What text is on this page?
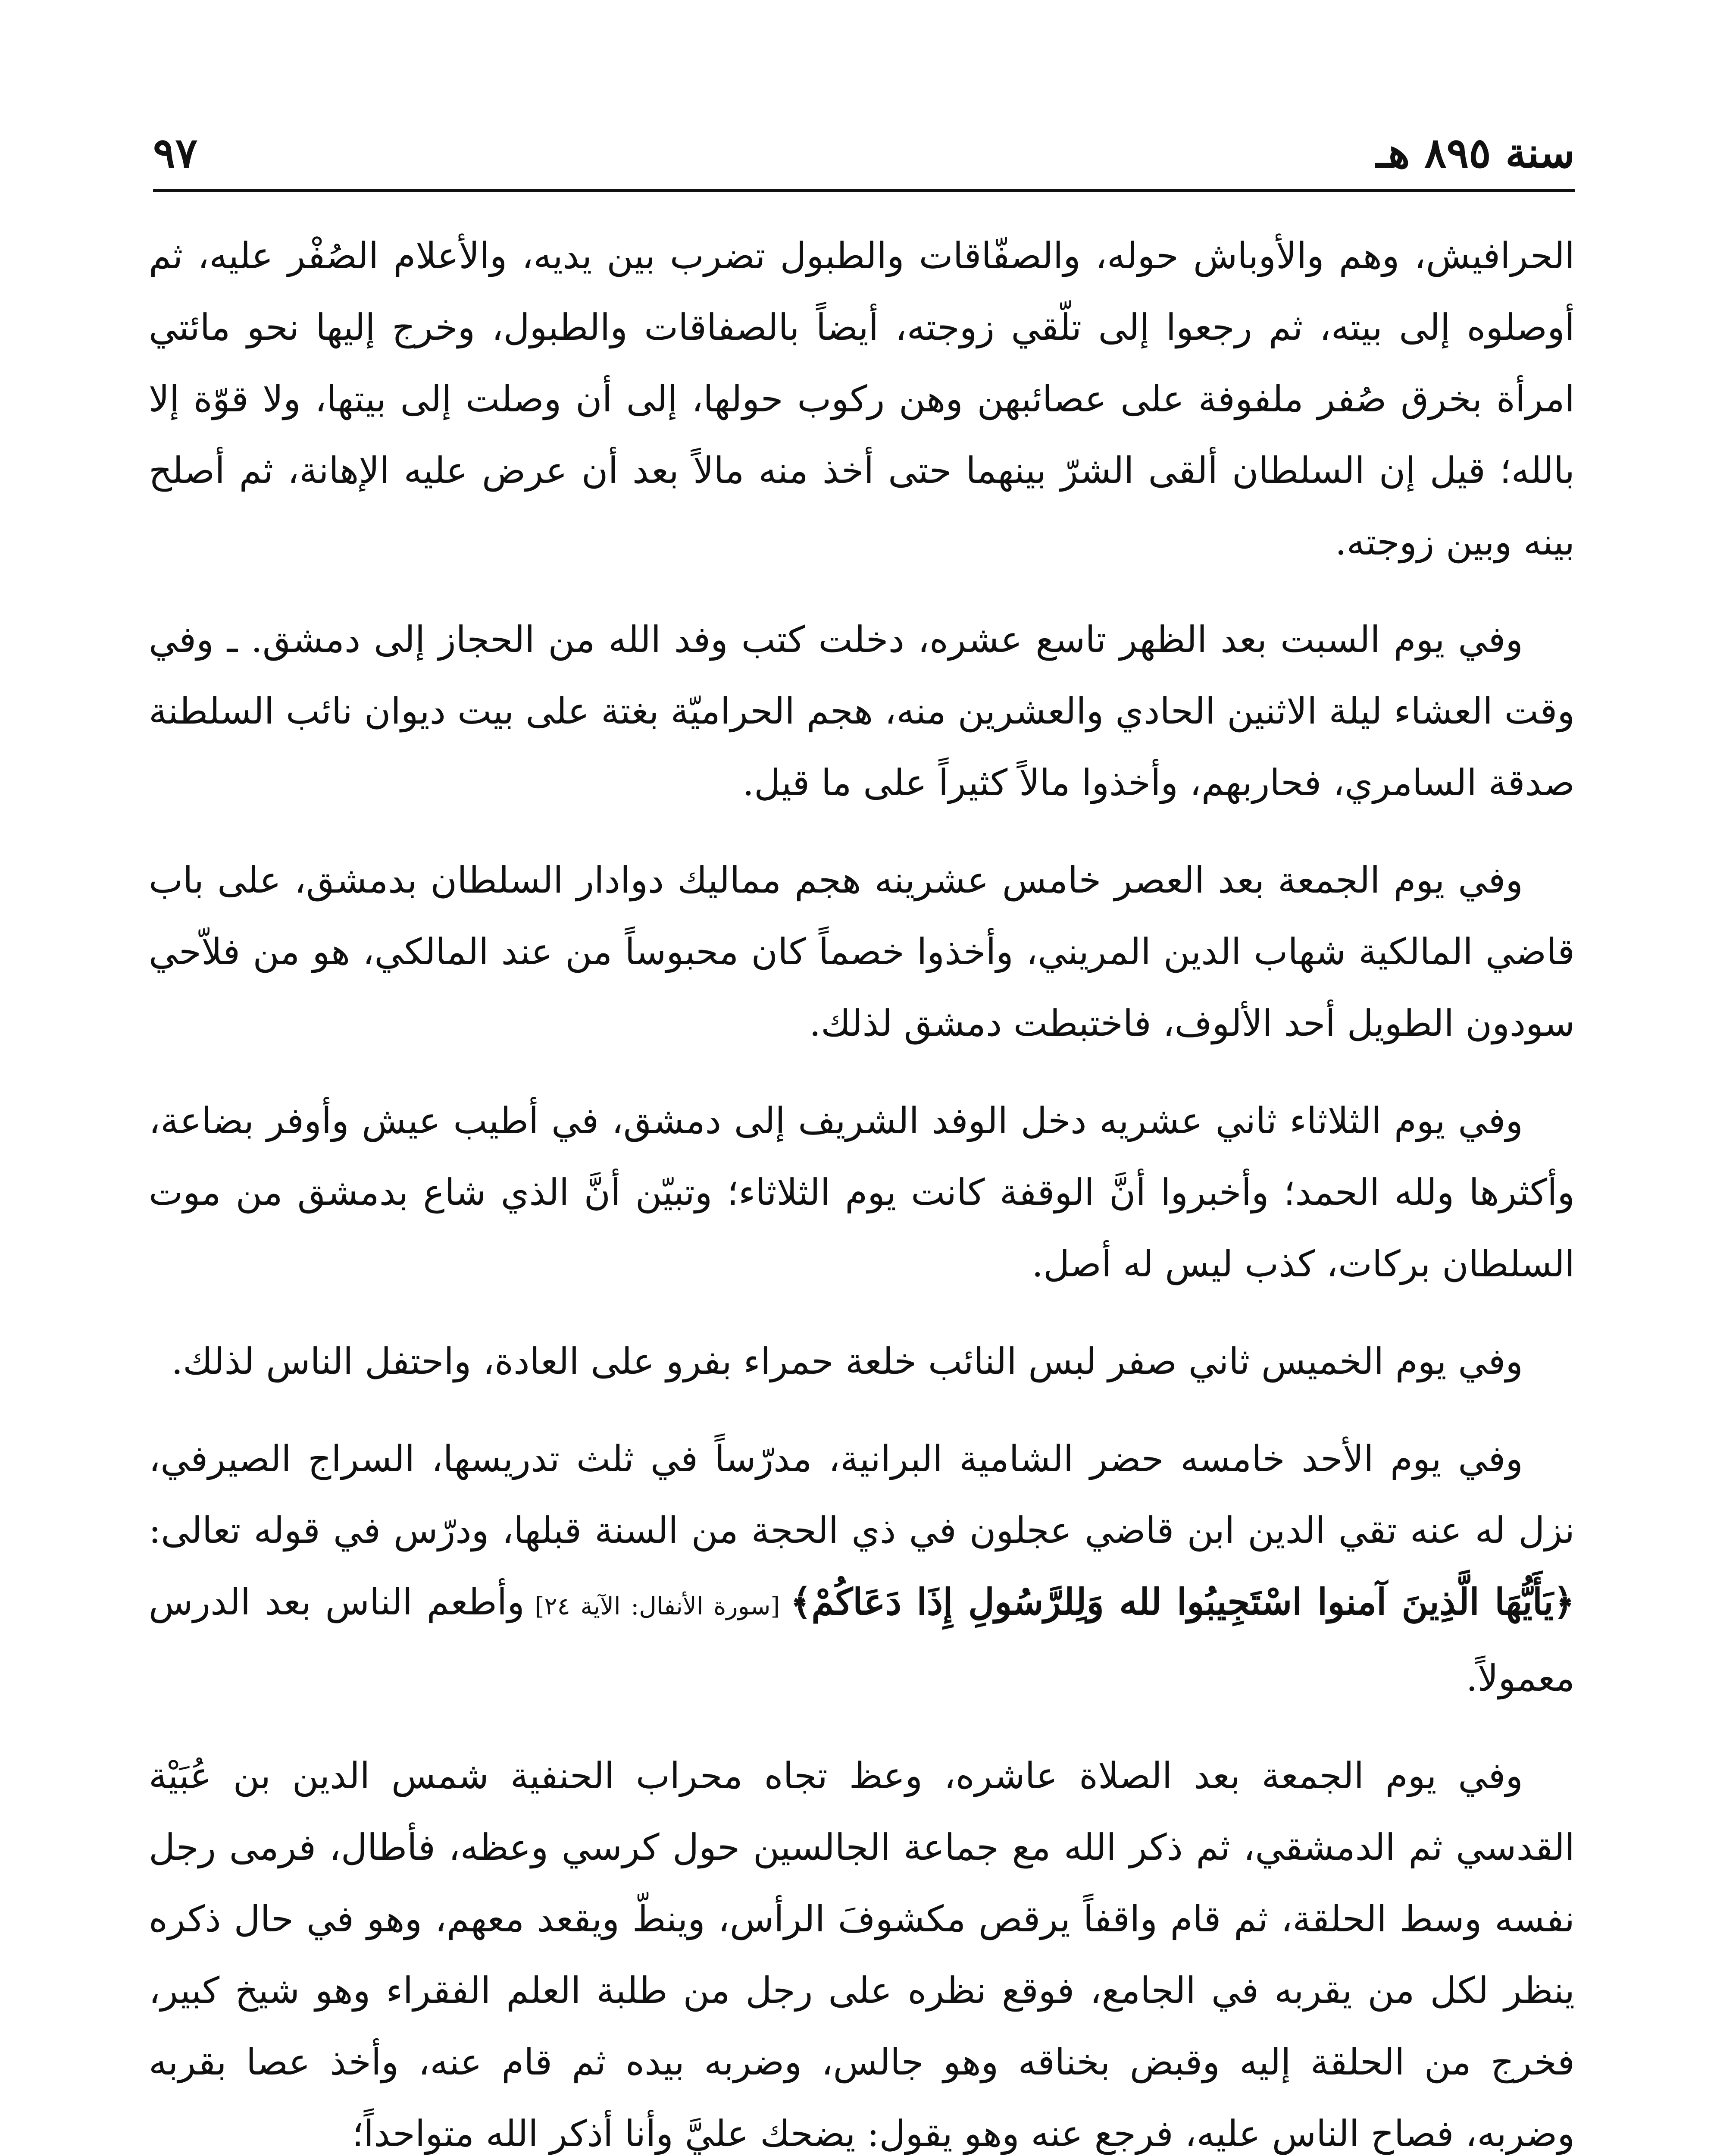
سنة ٨٩٥ هـ
٩٧

الحرافيش، وهم والأوباش حوله، والصفّاقات والطبول تضرب بين يديه، والأعلام الصُفْر عليه، ثم أوصلوه إلى بيته، ثم رجعوا إلى تلّقي زوجته، أيضاً بالصفاقات والطبول، وخرج إليها نحو مائتي امرأة بخرق صُفر ملفوفة على عصائبهن وهن ركوب حولها، إلى أن وصلت إلى بيتها، ولا قوّة إلا بالله؛ قيل إن السلطان ألقى الشرّ بينهما حتى أخذ منه مالاً بعد أن عرض عليه الإهانة، ثم أصلح بينه وبين زوجته.

وفي يوم السبت بعد الظهر تاسع عشره، دخلت كتب وفد الله من الحجاز إلى دمشق. ـ وفي وقت العشاء ليلة الاثنين الحادي والعشرين منه، هجم الحراميّة بغتة على بيت ديوان نائب السلطنة صدقة السامري، فحاربهم، وأخذوا مالاً كثيراً على ما قيل.

وفي يوم الجمعة بعد العصر خامس عشرينه هجم مماليك دوادار السلطان بدمشق، على باب قاضي المالكية شهاب الدين المريني، وأخذوا خصماً كان محبوساً من عند المالكي، هو من فلاّحي سودون الطويل أحد الألوف، فاختبطت دمشق لذلك.

وفي يوم الثلاثاء ثاني عشريه دخل الوفد الشريف إلى دمشق، في أطيب عيش وأوفر بضاعة، وأكثرها ولله الحمد؛ وأخبروا أنَّ الوقفة كانت يوم الثلاثاء؛ وتبيّن أنَّ الذي شاع بدمشق من موت السلطان بركات، كذب ليس له أصل.

وفي يوم الخميس ثاني صفر لبس النائب خلعة حمراء بفرو على العادة، واحتفل الناس لذلك.

وفي يوم الأحد خامسه حضر الشامية البرانية، مدرّساً في ثلث تدريسها، السراج الصيرفي، نزل له عنه تقي الدين ابن قاضي عجلون في ذي الحجة من السنة قبلها، ودرّس في قوله تعالى: ﴿يَأَيُّهَا الَّذِينَ آمنوا اسْتَجِيبُوا لله وَلِلرَّسُولِ إِذَا دَعَاكُمْ﴾ [سورة الأنفال: الآية ٢٤] وأطعم الناس بعد الدرس معمولاً.

وفي يوم الجمعة بعد الصلاة عاشره، وعظ تجاه محراب الحنفية شمس الدين بن عُبَيْة القدسي ثم الدمشقي، ثم ذكر الله مع جماعة الجالسين حول كرسي وعظه، فأطال، فرمى رجل نفسه وسط الحلقة، ثم قام واقفاً يرقص مكشوفَ الرأس، وينطّ ويقعد معهم، وهو في حال ذكره ينظر لكل من يقربه في الجامع، فوقع نظره على رجل من طلبة العلم الفقراء وهو شيخ كبير، فخرج من الحلقة إليه وقبض بخناقه وهو جالس، وضربه بيده ثم قام عنه، وأخذ عصا بقربه وضربه، فصاح الناس عليه، فرجع عنه وهو يقول: يضحك عليَّ وأنا أذكر الله متواحداً؛
